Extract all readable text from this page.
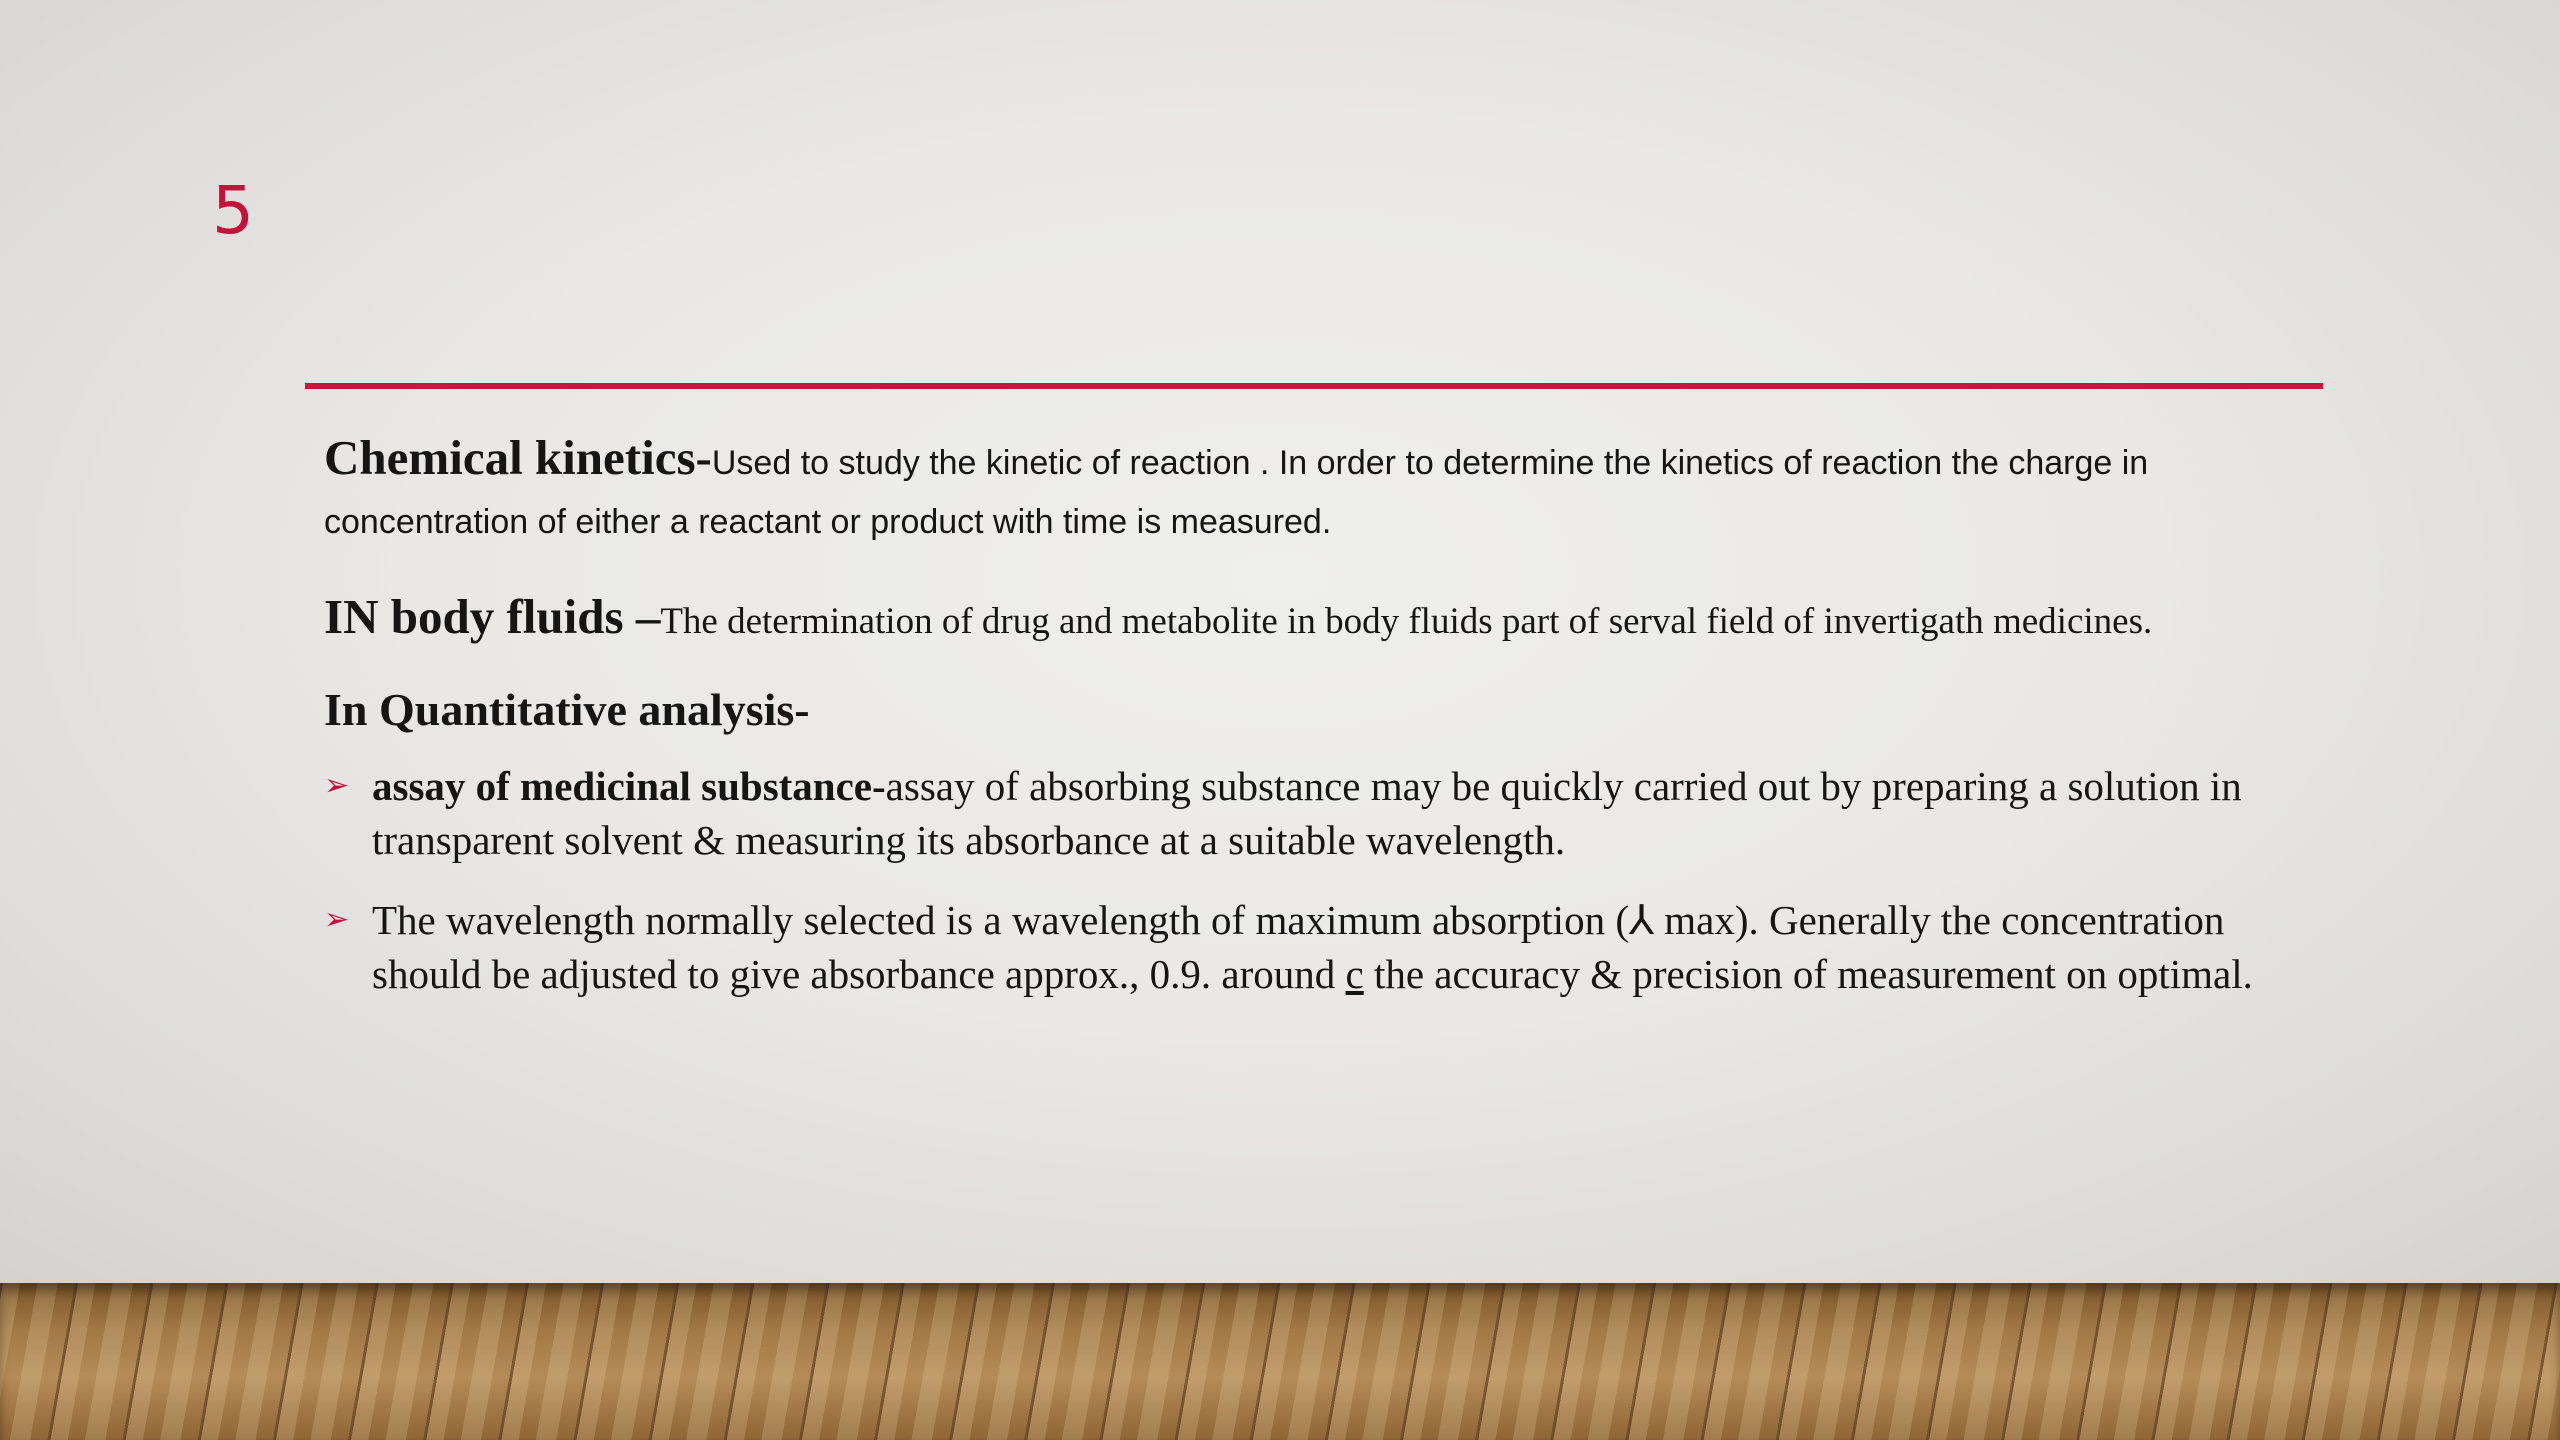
5

Chemical kinetics-Used to study the kinetic of reaction . In order to determine the kinetics of reaction the charge in concentration of either a reactant or product with time is measured.

IN body fluids –The determination of drug and metabolite in body fluids part of serval field of invertigath medicines.

In Quantitative analysis-
➢ assay of medicinal substance-assay of absorbing substance may be quickly carried out by preparing a solution in transparent solvent & measuring its absorbance at a suitable wavelength.
➢ The wavelength normally selected is a wavelength of maximum absorption (⅄ max). Generally the concentration should be adjusted to give absorbance approx., 0.9. around c the accuracy & precision of measurement on optimal.
